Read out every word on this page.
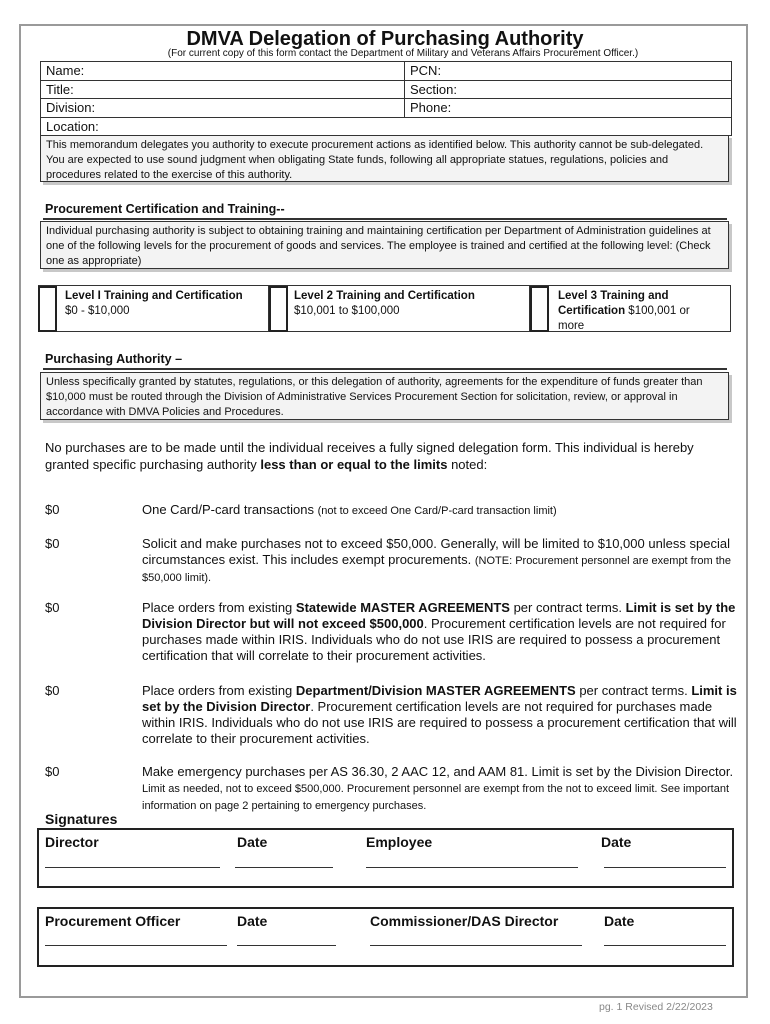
DMVA Delegation of Purchasing Authority
(For current copy of this form contact the Department of Military and Veterans Affairs Procurement Officer.)
Name:	PCN:
Title:	Section:
Division:	Phone:
Location:	
This memorandum delegates you authority to execute procurement actions as identified below. This authority cannot be sub-delegated. You are expected to use sound judgment when obligating State funds, following all appropriate statues, regulations, policies and procedures related to the exercise of this authority.
Procurement Certification and Training--
Individual purchasing authority is subject to obtaining training and maintaining certification per Department of Administration guidelines at one of the following levels for the procurement of goods and services. The employee is trained and certified at the following level: (Check one as appropriate)
Level I Training and Certification
$0 - $10,000
Level 2 Training and Certification
$10,001 to $100,000
Level 3 Training and Certification $100,001 or more
Purchasing Authority –
Unless specifically granted by statutes, regulations, or this delegation of authority, agreements for the expenditure of funds greater than $10,000 must be routed through the Division of Administrative Services Procurement Section for solicitation, review, or approval in accordance with DMVA Policies and Procedures.
No purchases are to be made until the individual receives a fully signed delegation form. This individual is hereby granted specific purchasing authority less than or equal to the limits noted:
$0	One Card/P-card transactions (not to exceed One Card/P-card transaction limit)
$0	Solicit and make purchases not to exceed $50,000. Generally, will be limited to $10,000 unless special circumstances exist. This includes exempt procurements. (NOTE: Procurement personnel are exempt from the $50,000 limit).
$0	Place orders from existing Statewide MASTER AGREEMENTS per contract terms. Limit is set by the Division Director but will not exceed $500,000. Procurement certification levels are not required for purchases made within IRIS. Individuals who do not use IRIS are required to possess a procurement certification that will correlate to their procurement activities.
$0	Place orders from existing Department/Division MASTER AGREEMENTS per contract terms. Limit is set by the Division Director. Procurement certification levels are not required for purchases made within IRIS. Individuals who do not use IRIS are required to possess a procurement certification that will correlate to their procurement activities.
$0	Make emergency purchases per AS 36.30, 2 AAC 12, and AAM 81. Limit is set by the Division Director. Limit as needed, not to exceed $500,000. Procurement personnel are exempt from the not to exceed limit. See important information on page 2 pertaining to emergency purchases.
Signatures
Director	Date	Employee	Date
Procurement Officer	Date	Commissioner/DAS Director	Date
pg. 1 Revised 2/22/2023
